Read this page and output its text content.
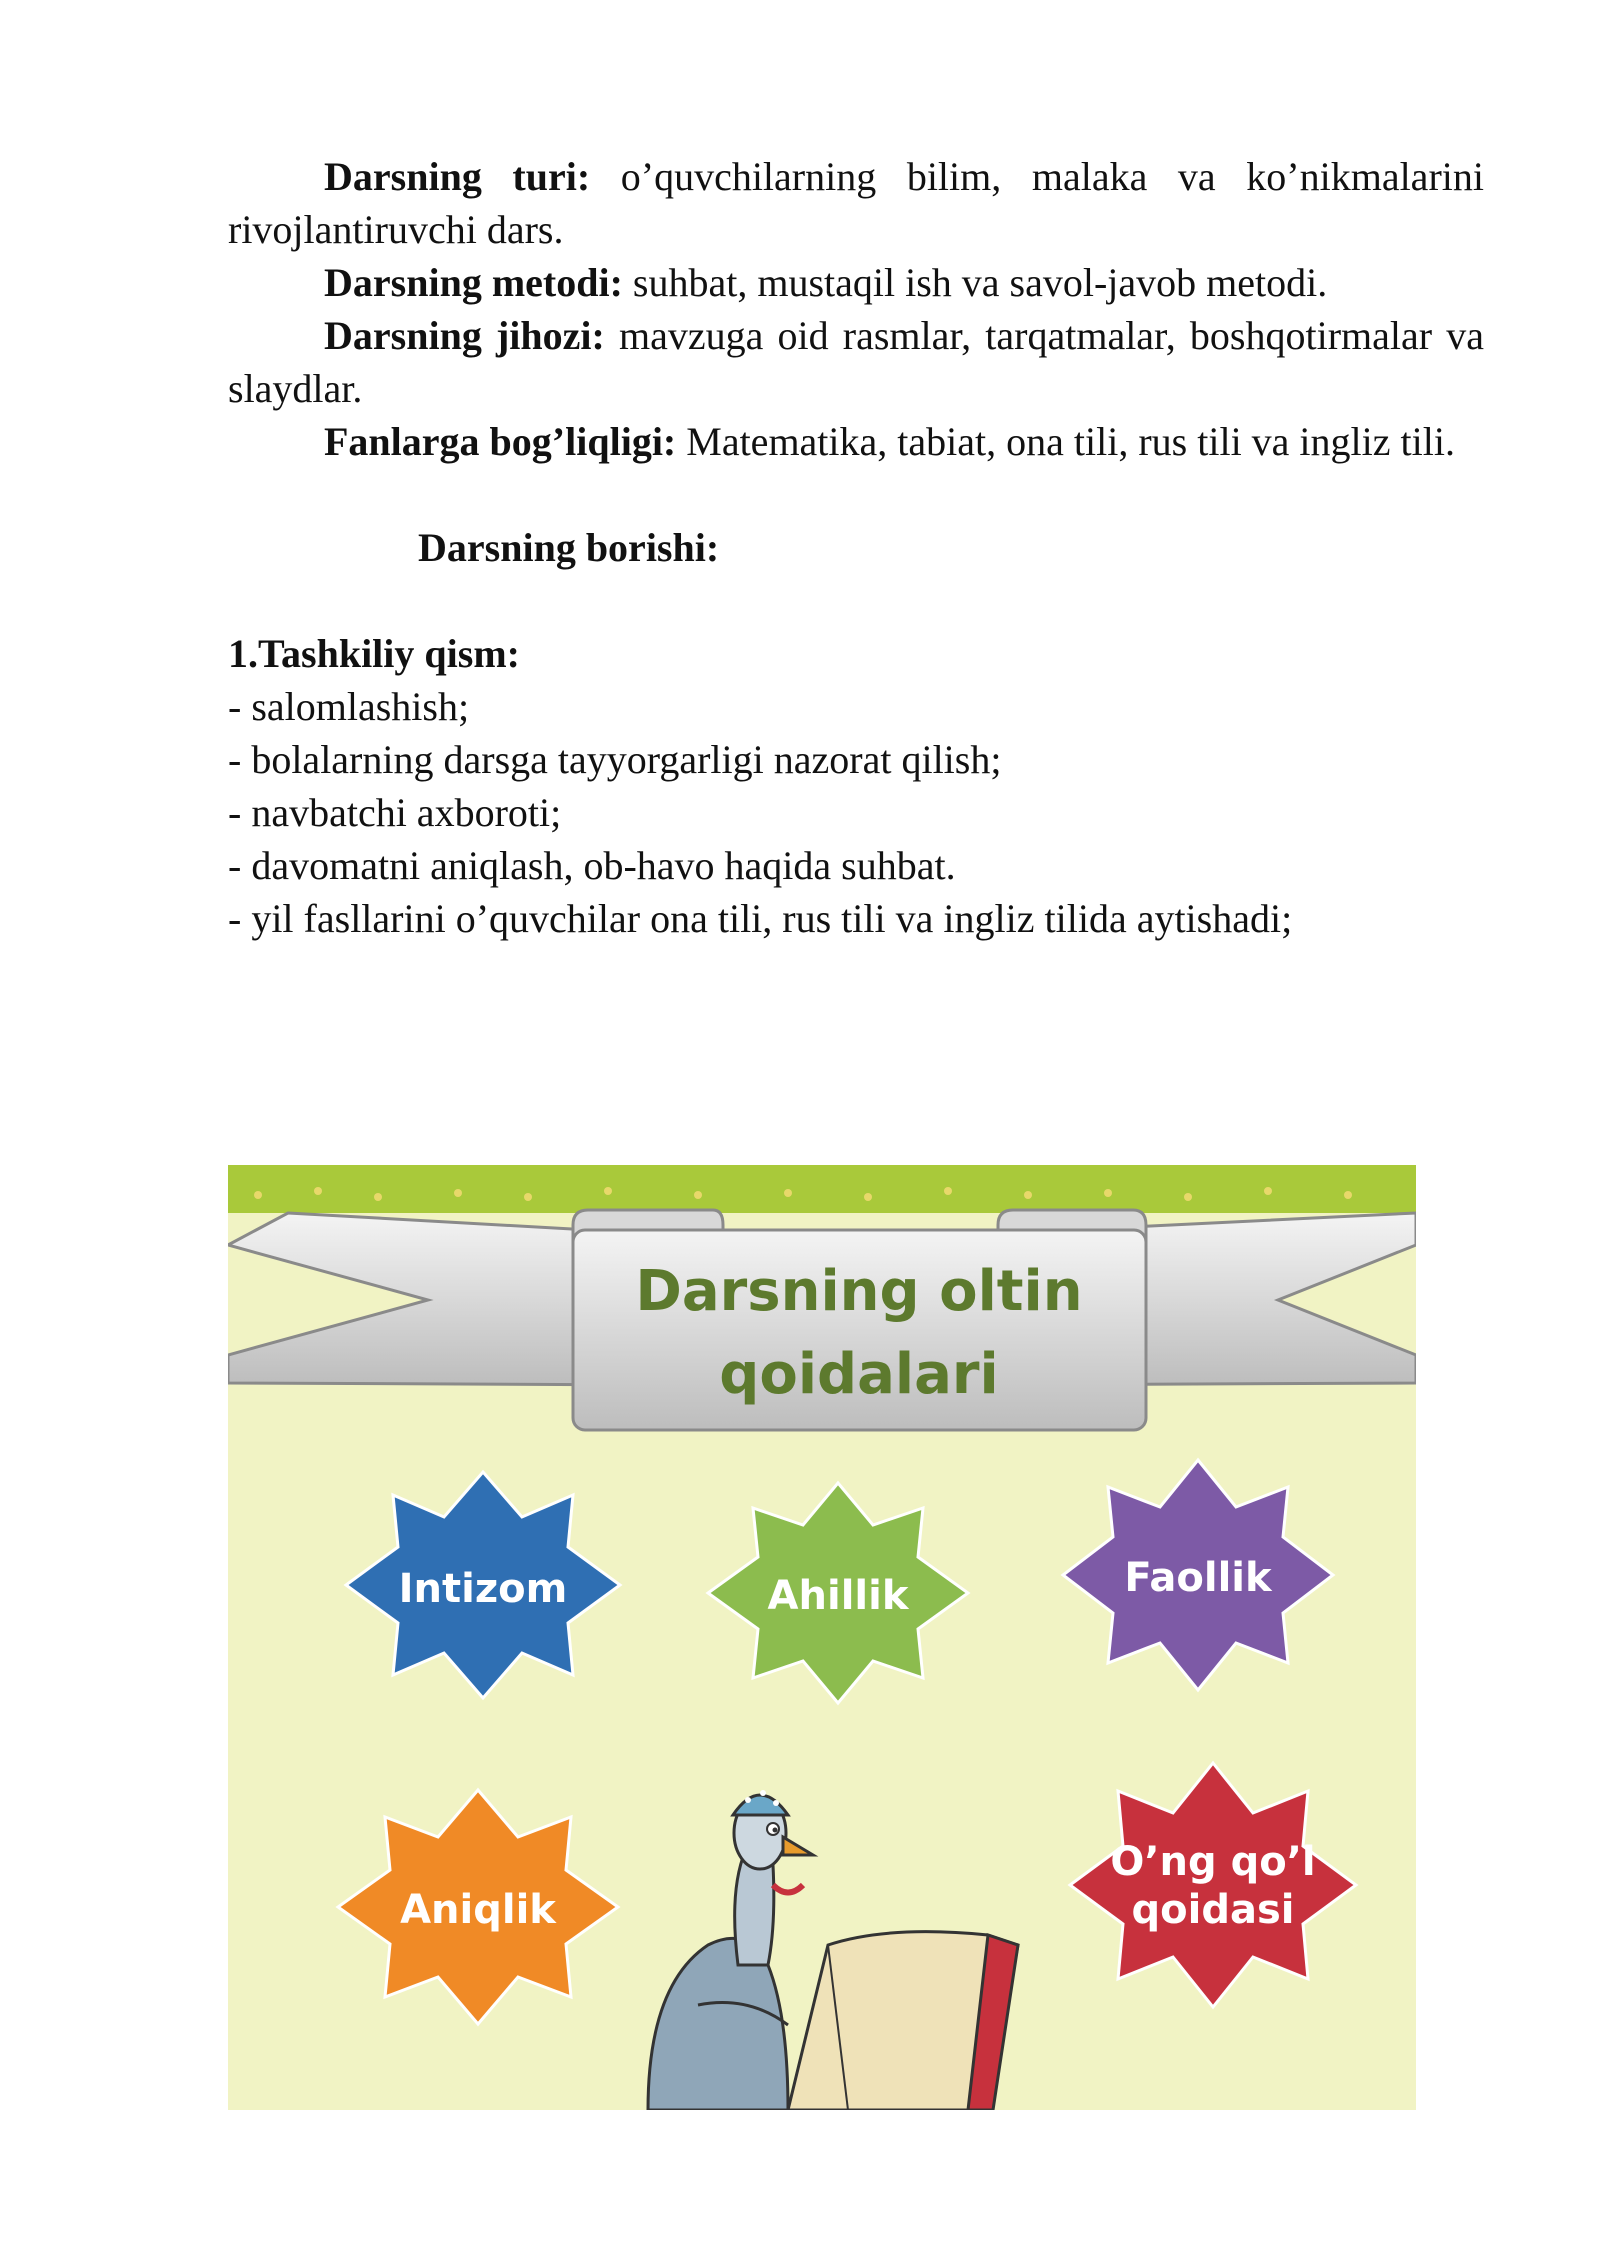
Darsning turi: o’quvchilarning bilim, malaka va ko’nikmalarini rivojlantiruvchi dars.

Darsning metodi: suhbat, mustaqil ish va savol-javob metodi.

Darsning jihozi: mavzuga oid rasmlar, tarqatmalar, boshqotirmalar va slaydlar.

Fanlarga bog’liqligi: Matematika, tabiat, ona tili, rus tili va ingliz tili.

Darsning borishi:

1.Tashkiliy qism:

- salomlashish;
- bolalarning darsga tayyorgarligi nazorat qilish;
- navbatchi axboroti;
- davomatni aniqlash, ob-havo haqida suhbat.
- yil fasllarini o’quvchilar ona tili, rus tili va ingliz tilida aytishadi;
Darsning oltin
qoidalari
Intizom	Ahillik	Faollik
Aniqlik
O’ng qo’l
qoidasi
